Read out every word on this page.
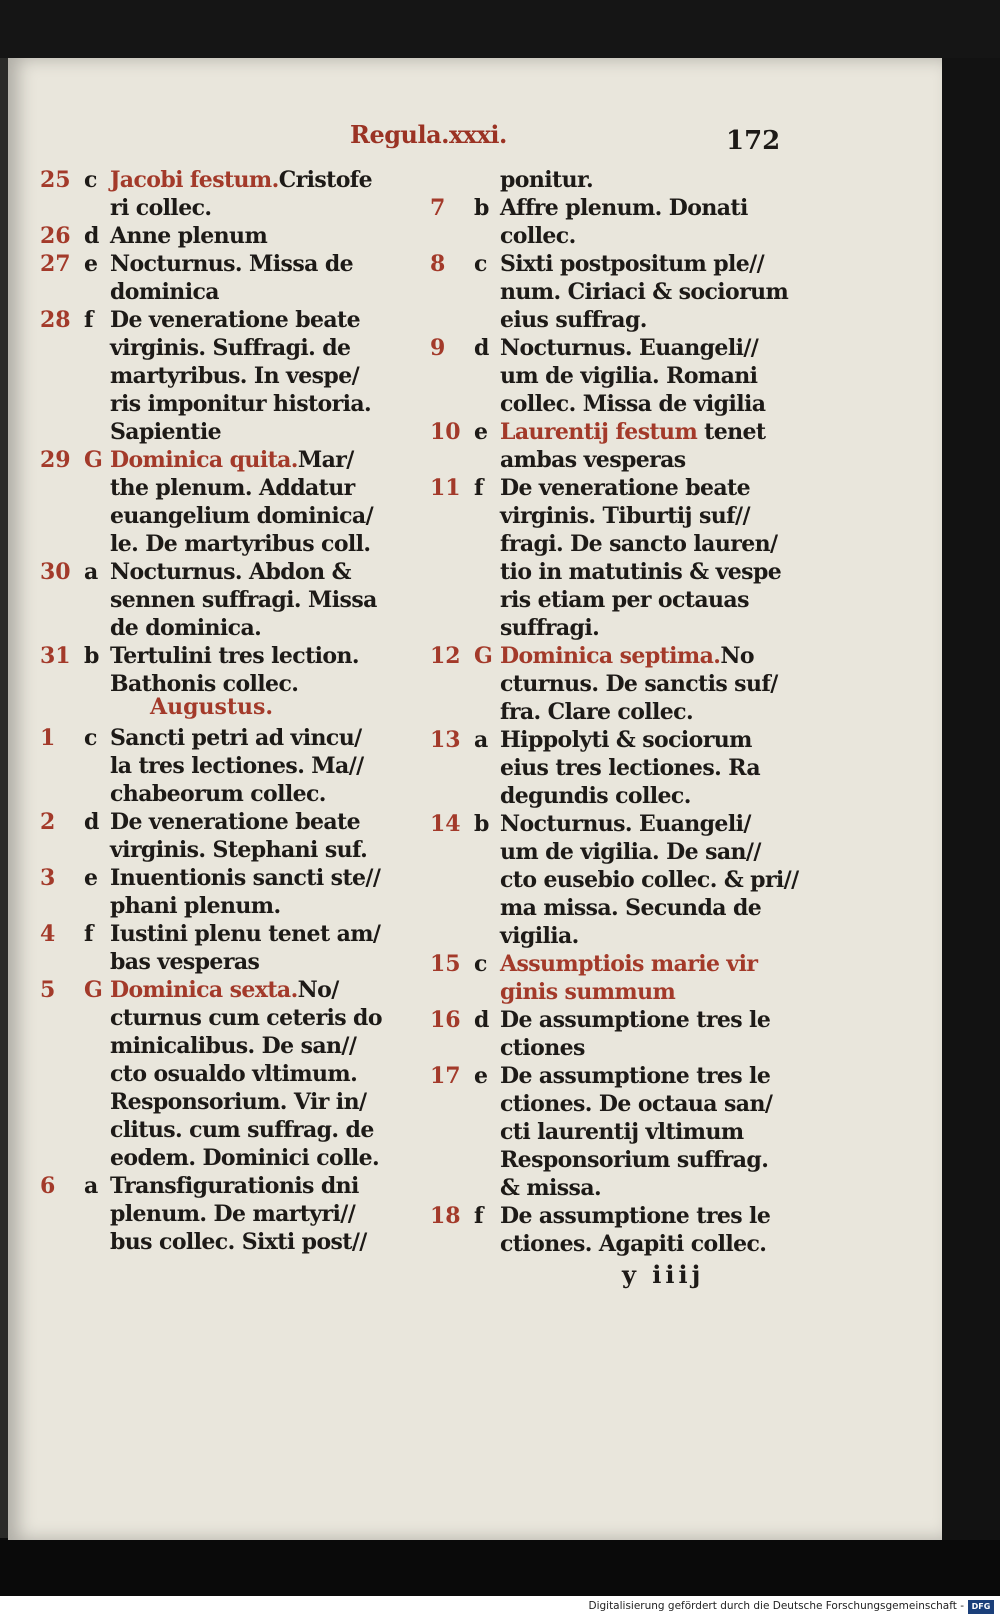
Regula.xxxi.	172
25 c Jacobi festum.Cristofe
ri collec.
26 d Anne plenum
27 e Nocturnus. Missa de
dominica
28 f De veneratione beate
virginis. Suffragi. de
martyribus. In vespe/
ris imponitur historia.
Sapientie
29 G Dominica quita.Mar/
the plenum. Addatur
euangelium dominica/
le. De martyribus coll.
30 a Nocturnus. Abdon &
sennen suffragi. Missa
de dominica.
31 b Tertulini tres lection.
Bathonis collec.
Augustus.
1	c Sancti petri ad vincu/
la tres lectiones. Ma//
chabeorum collec.
2	d De veneratione beate
virginis. Stephani suf.
3	e Inuentionis sancti ste//
phani plenum.
4	f Iustini plenu tenet am/
bas vesperas
5	G Dominica sexta.No/
cturnus cum ceteris do
minicalibus. De san//
cto osualdo vltimum.
Responsorium. Vir in/
clitus. cum suffrag. de
eodem. Dominici colle.
6	a Transfigurationis dni
plenum. De martyri//
bus collec. Sixti post//
ponitur.
7	b Affre plenum. Donati
collec.
8	c Sixti postpositum ple//
num. Ciriaci & sociorum
eius suffrag.
9	d Nocturnus. Euangeli//
um de vigilia. Romani
collec. Missa de vigilia
10 e Laurentij festum tenet
ambas vesperas
11 f De veneratione beate
virginis. Tiburtij suf//
fragi. De sancto lauren/
tio in matutinis & vespe
ris etiam per octauas
suffragi.
12 G Dominica septima.No
cturnus. De sanctis suf/
fra. Clare collec.
13 a Hippolyti & sociorum
eius tres lectiones. Ra
degundis collec.
14 b Nocturnus. Euangeli/
um de vigilia. De san//
cto eusebio collec. & pri//
ma missa. Secunda de
vigilia.
15 c Assumptiois marie vir
ginis summum
16 d De assumptione tres le
ctiones
17 e De assumptione tres le
ctiones. De octaua san/
cti laurentij vltimum
Responsorium suffrag.
& missa.
18 f De assumptione tres le
ctiones. Agapiti collec.
y iiij
Digitalisierung gefördert durch die Deutsche Forschungsgemeinschaft - DFG
